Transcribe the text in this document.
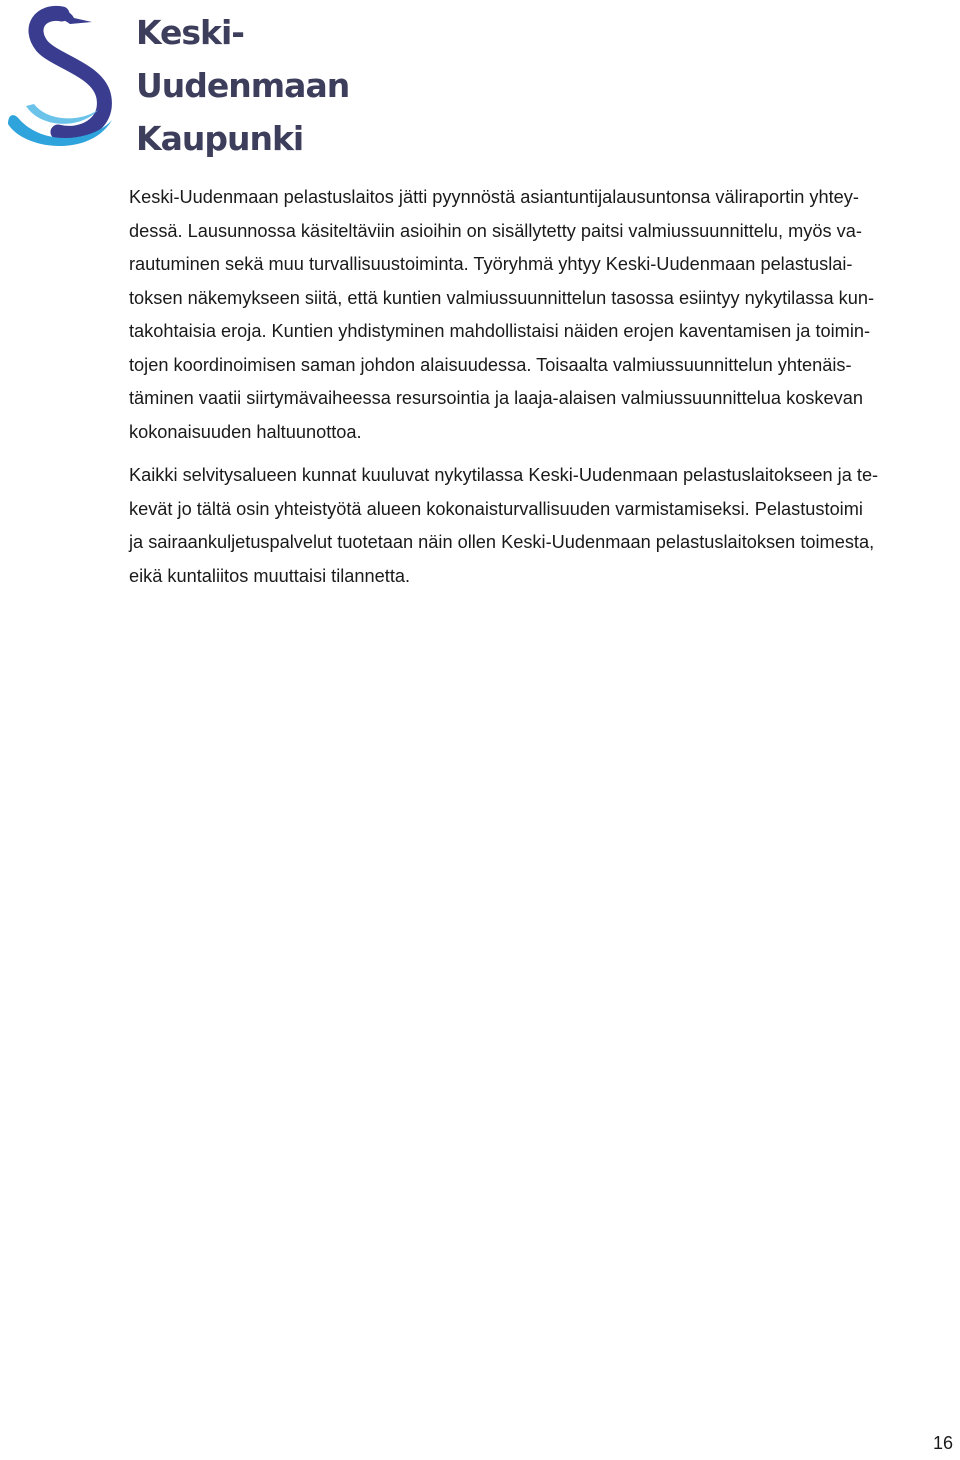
Keski-
Uudenmaan
Kaupunki

Keski-Uudenmaan pelastuslaitos jätti pyynnöstä asiantuntijalausuntonsa väliraportin yhtey-
dessä. Lausunnossa käsiteltäviin asioihin on sisällytetty paitsi valmiussuunnittelu, myös va-
rautuminen sekä muu turvallisuustoiminta. Työryhmä yhtyy Keski-Uudenmaan pelastuslai-
toksen näkemykseen siitä, että kuntien valmiussuunnittelun tasossa esiintyy nykytilassa kun-
takohtaisia eroja. Kuntien yhdistyminen mahdollistaisi näiden erojen kaventamisen ja toimin-
tojen koordinoimisen saman johdon alaisuudessa. Toisaalta valmiussuunnittelun yhtenäis-
täminen vaatii siirtymävaiheessa resursointia ja laaja-alaisen valmiussuunnittelua koskevan
kokonaisuuden haltuunottoa.

Kaikki selvitysalueen kunnat kuuluvat nykytilassa Keski-Uudenmaan pelastuslaitokseen ja te-
kevät jo tältä osin yhteistyötä alueen kokonaisturvallisuuden varmistamiseksi. Pelastustoimi
ja sairaankuljetuspalvelut tuotetaan näin ollen Keski-Uudenmaan pelastuslaitoksen toimesta,
eikä kuntaliitos muuttaisi tilannetta.

16
